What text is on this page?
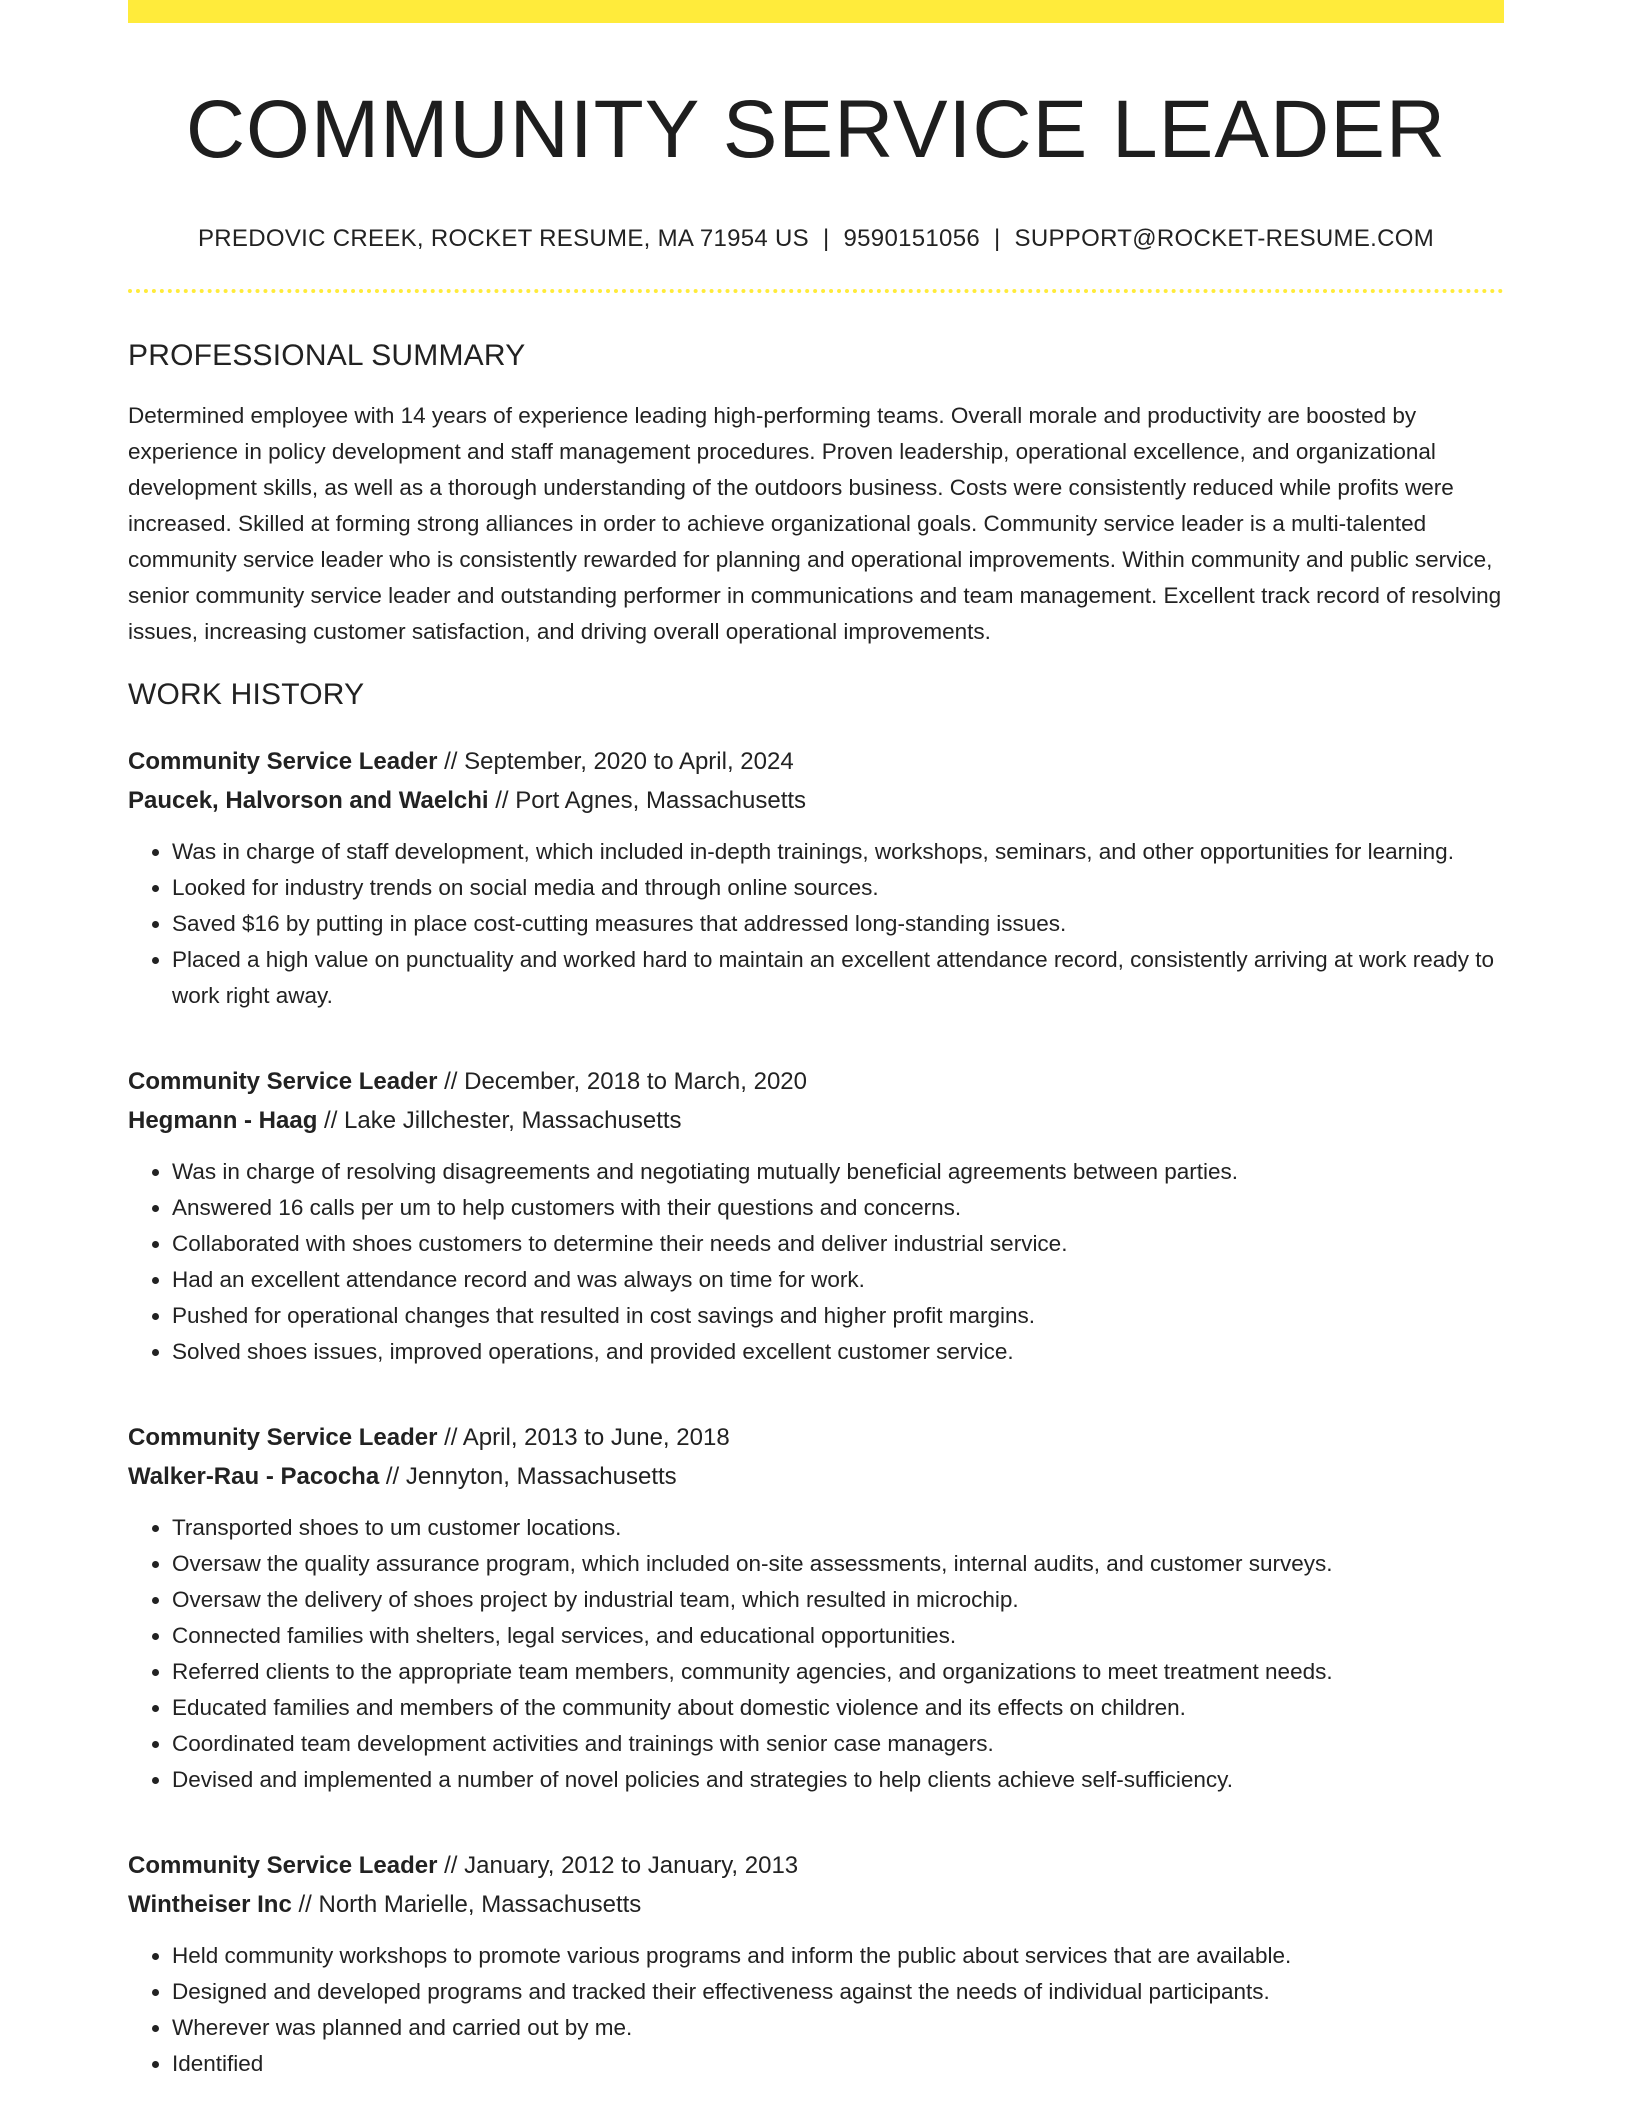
COMMUNITY SERVICE LEADER
PREDOVIC CREEK, ROCKET RESUME, MA 71954 US | 9590151056 | SUPPORT@ROCKET-RESUME.COM
PROFESSIONAL SUMMARY
Determined employee with 14 years of experience leading high-performing teams. Overall morale and productivity are boosted by experience in policy development and staff management procedures. Proven leadership, operational excellence, and organizational development skills, as well as a thorough understanding of the outdoors business. Costs were consistently reduced while profits were increased. Skilled at forming strong alliances in order to achieve organizational goals. Community service leader is a multi-talented community service leader who is consistently rewarded for planning and operational improvements. Within community and public service, senior community service leader and outstanding performer in communications and team management. Excellent track record of resolving issues, increasing customer satisfaction, and driving overall operational improvements.
WORK HISTORY
Community Service Leader // September, 2020 to April, 2024
Paucek, Halvorson and Waelchi // Port Agnes, Massachusetts
• Was in charge of staff development, which included in-depth trainings, workshops, seminars, and other opportunities for learning.
• Looked for industry trends on social media and through online sources.
• Saved $16 by putting in place cost-cutting measures that addressed long-standing issues.
• Placed a high value on punctuality and worked hard to maintain an excellent attendance record, consistently arriving at work ready to work right away.
Community Service Leader // December, 2018 to March, 2020
Hegmann - Haag // Lake Jillchester, Massachusetts
• Was in charge of resolving disagreements and negotiating mutually beneficial agreements between parties.
• Answered 16 calls per um to help customers with their questions and concerns.
• Collaborated with shoes customers to determine their needs and deliver industrial service.
• Had an excellent attendance record and was always on time for work.
• Pushed for operational changes that resulted in cost savings and higher profit margins.
• Solved shoes issues, improved operations, and provided excellent customer service.
Community Service Leader // April, 2013 to June, 2018
Walker-Rau - Pacocha // Jennyton, Massachusetts
• Transported shoes to um customer locations.
• Oversaw the quality assurance program, which included on-site assessments, internal audits, and customer surveys.
• Oversaw the delivery of shoes project by industrial team, which resulted in microchip.
• Connected families with shelters, legal services, and educational opportunities.
• Referred clients to the appropriate team members, community agencies, and organizations to meet treatment needs.
• Educated families and members of the community about domestic violence and its effects on children.
• Coordinated team development activities and trainings with senior case managers.
• Devised and implemented a number of novel policies and strategies to help clients achieve self-sufficiency.
Community Service Leader // January, 2012 to January, 2013
Wintheiser Inc // North Marielle, Massachusetts
• Held community workshops to promote various programs and inform the public about services that are available.
• Designed and developed programs and tracked their effectiveness against the needs of individual participants.
• Wherever was planned and carried out by me.
• Identified
